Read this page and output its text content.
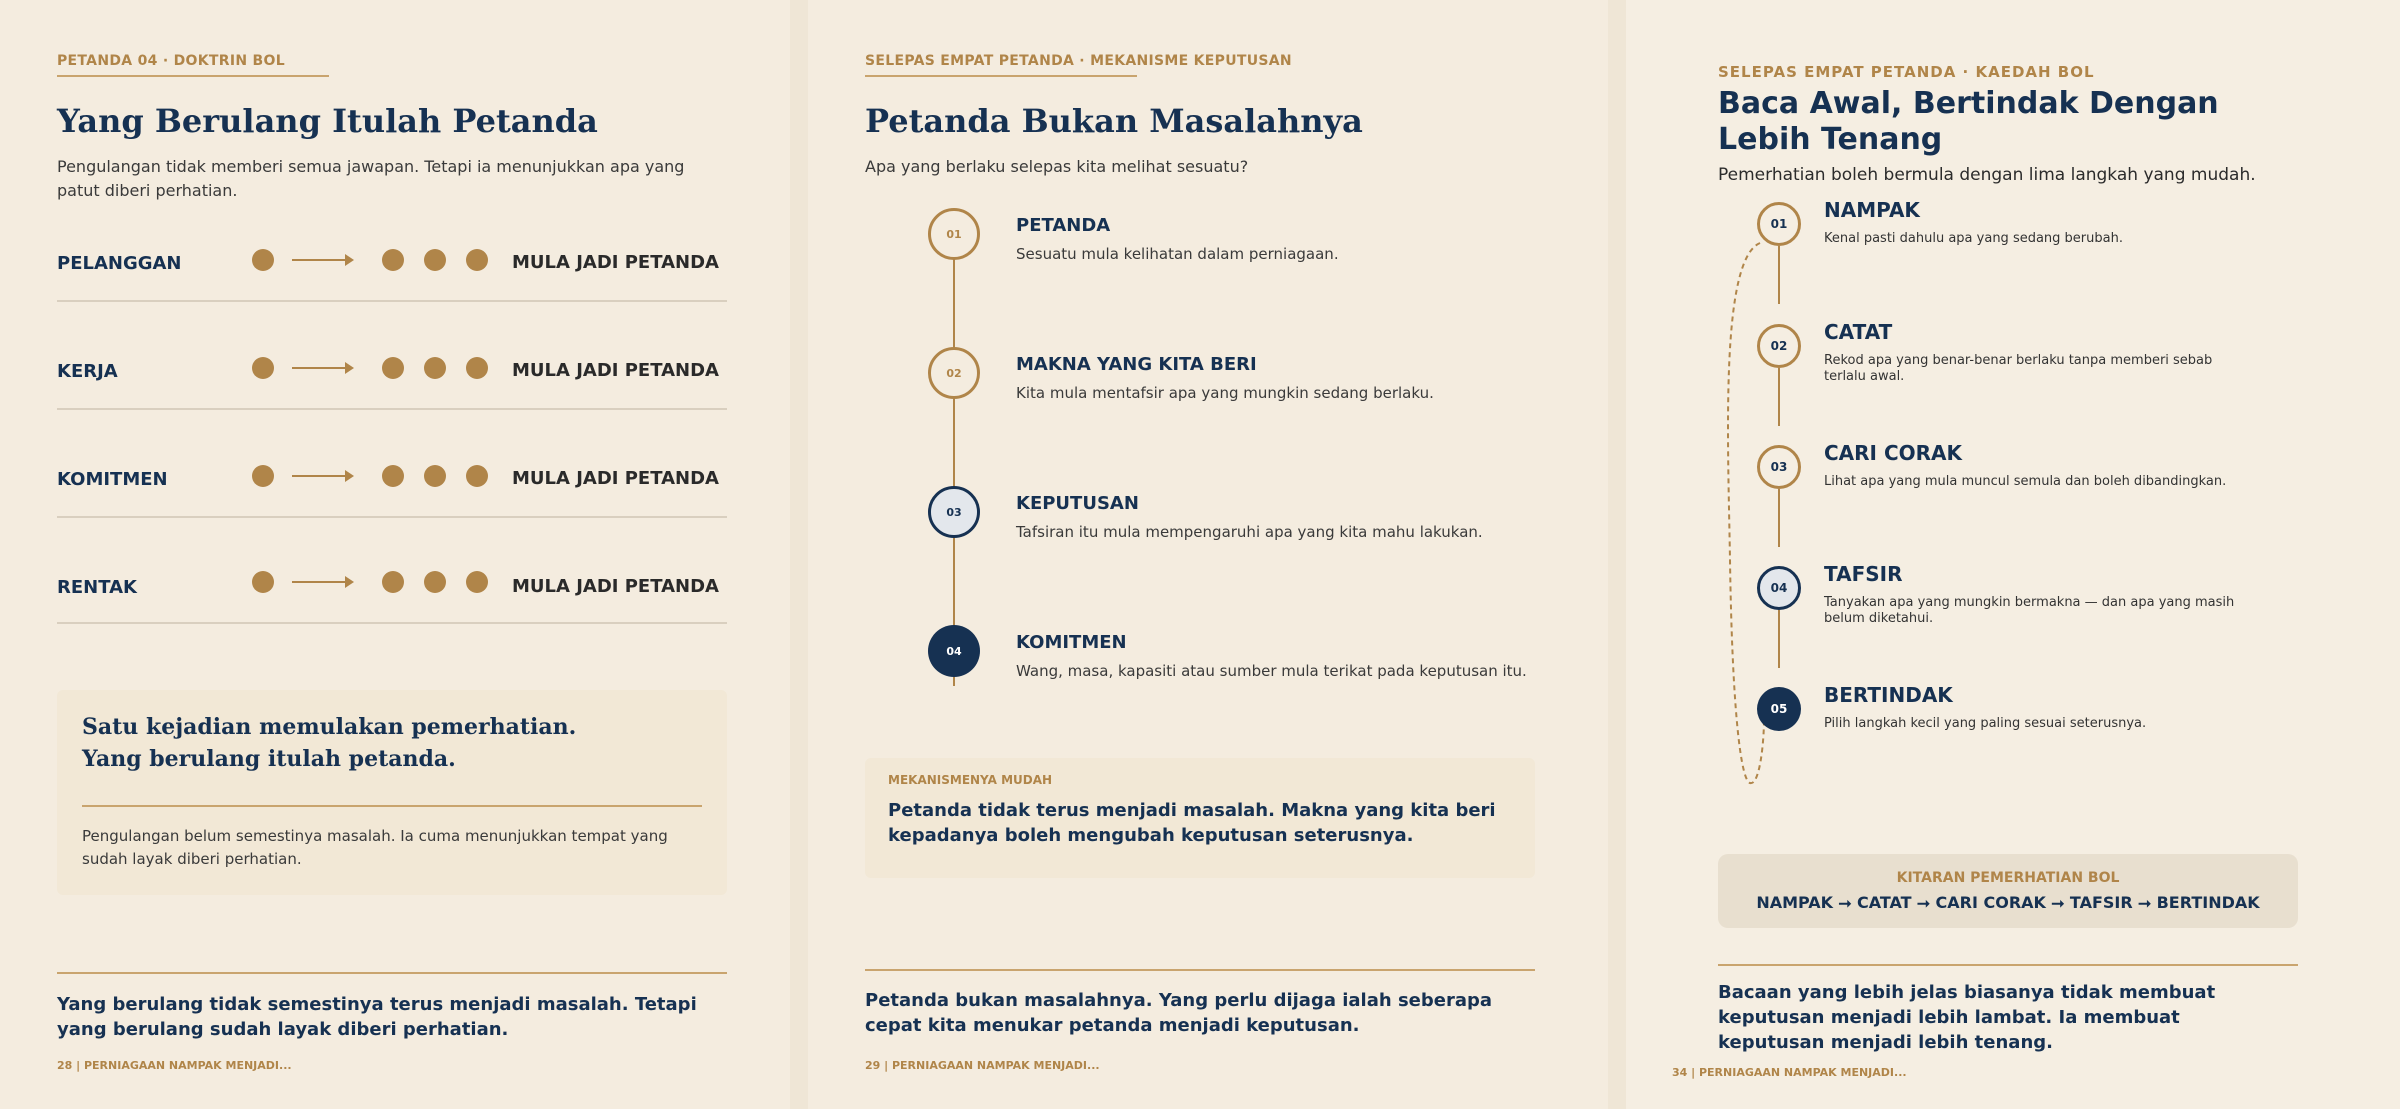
PETANDA 04 · DOKTRIN BOL
Yang Berulang Itulah Petanda
Pengulangan tidak memberi semua jawapan. Tetapi ia menunjukkan apa yang patut diberi perhatian.
PELANGGAN
KERJA
KOMITMEN
RENTAK
MULA JADI PETANDA
MULA JADI PETANDA
MULA JADI PETANDA
MULA JADI PETANDA
Satu kejadian memulakan pemerhatian.
Yang berulang itulah petanda.
Pengulangan belum semestinya masalah. Ia cuma menunjukkan tempat yang sudah layak diberi perhatian.
Yang berulang tidak semestinya terus menjadi masalah. Tetapi yang berulang sudah layak diberi perhatian.
28 | PERNIAGAAN NAMPAK MENJADI...
SELEPAS EMPAT PETANDA · MEKANISME KEPUTUSAN
Petanda Bukan Masalahnya
Apa yang berlaku selepas kita melihat sesuatu?
01
02
03
04
PETANDA
Sesuatu mula kelihatan dalam perniagaan.
MAKNA YANG KITA BERI
Kita mula mentafsir apa yang mungkin sedang berlaku.
KEPUTUSAN
Tafsiran itu mula mempengaruhi apa yang kita mahu lakukan.
KOMITMEN
Wang, masa, kapasiti atau sumber mula terikat pada keputusan itu.
MEKANISMENYA MUDAH
Petanda tidak terus menjadi masalah. Makna yang kita beri kepadanya boleh mengubah keputusan seterusnya.
Petanda bukan masalahnya. Yang perlu dijaga ialah seberapa cepat kita menukar petanda menjadi keputusan.
29 | PERNIAGAAN NAMPAK MENJADI...
SELEPAS EMPAT PETANDA · KAEDAH BOL
Baca Awal, Bertindak Dengan Lebih Tenang
Pemerhatian boleh bermula dengan lima langkah yang mudah.
01
02
03
04
05
NAMPAK
Kenal pasti dahulu apa yang sedang berubah.
CATAT
Rekod apa yang benar-benar berlaku tanpa memberi sebab terlalu awal.
CARI CORAK
Lihat apa yang mula muncul semula dan boleh dibandingkan.
TAFSIR
Tanyakan apa yang mungkin bermakna — dan apa yang masih belum diketahui.
BERTINDAK
Pilih langkah kecil yang paling sesuai seterusnya.
KITARAN PEMERHATIAN BOL
NAMPAK ⭢ CATAT ⭢ CARI CORAK ⭢ TAFSIR ⭢ BERTINDAK
Bacaan yang lebih jelas biasanya tidak membuat keputusan menjadi lebih lambat. Ia membuat keputusan menjadi lebih tenang.
34 | PERNIAGAAN NAMPAK MENJADI...
